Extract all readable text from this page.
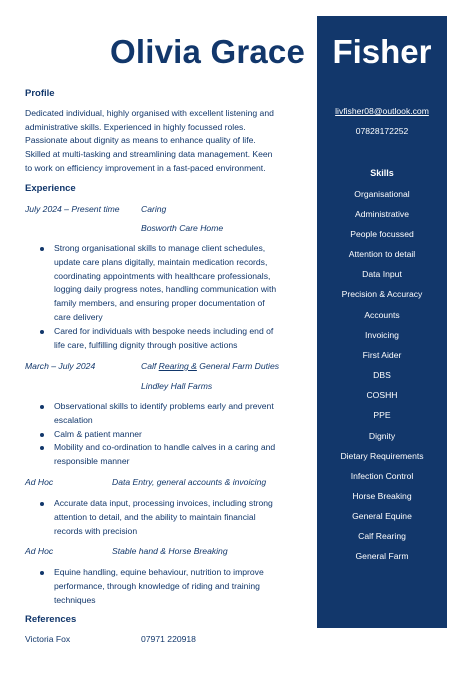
Olivia Grace Fisher
Profile
Dedicated individual, highly organised with excellent listening and
administrative skills. Experienced in highly focussed roles.
Passionate about dignity as means to enhance quality of life.
Skilled at multi-tasking and streamlining data management. Keen
to work on efficiency improvement in a fast-paced environment.
Experience
July 2024 – Present time Caring
Bosworth Care Home
Strong organisational skills to manage client schedules,
update care plans digitally, maintain medication records,
coordinating appointments with healthcare professionals,
logging daily progress notes, handling communication with
family members, and ensuring proper documentation of
care delivery
Cared for individuals with bespoke needs including end of
life care, fulfilling dignity through positive actions
March – July 2024	Calf Rearing & General Farm Duties
Lindley Hall Farms
Observational skills to identify problems early and prevent
escalation
Calm & patient manner
Mobility and co-ordination to handle calves in a caring and
responsible manner
Ad Hoc	Data Entry, general accounts & invoicing
Accurate data input, processing invoices, including strong
attention to detail, and the ability to maintain financial
records with precision
Ad Hoc	Stable hand & Horse Breaking
Equine handling, equine behaviour, nutrition to improve
performance, through knowledge of riding and training
techniques
References
Victoria Fox	07971 220918
livfisher08@outlook.com
07828172252
Skills
Organisational
Administrative
People focussed
Attention to detail
Data Input
Precision & Accuracy
Accounts
Invoicing
First Aider
DBS
COSHH
PPE
Dignity
Dietary Requirements
Infection Control
Horse Breaking
General Equine
Calf Rearing
General Farm
